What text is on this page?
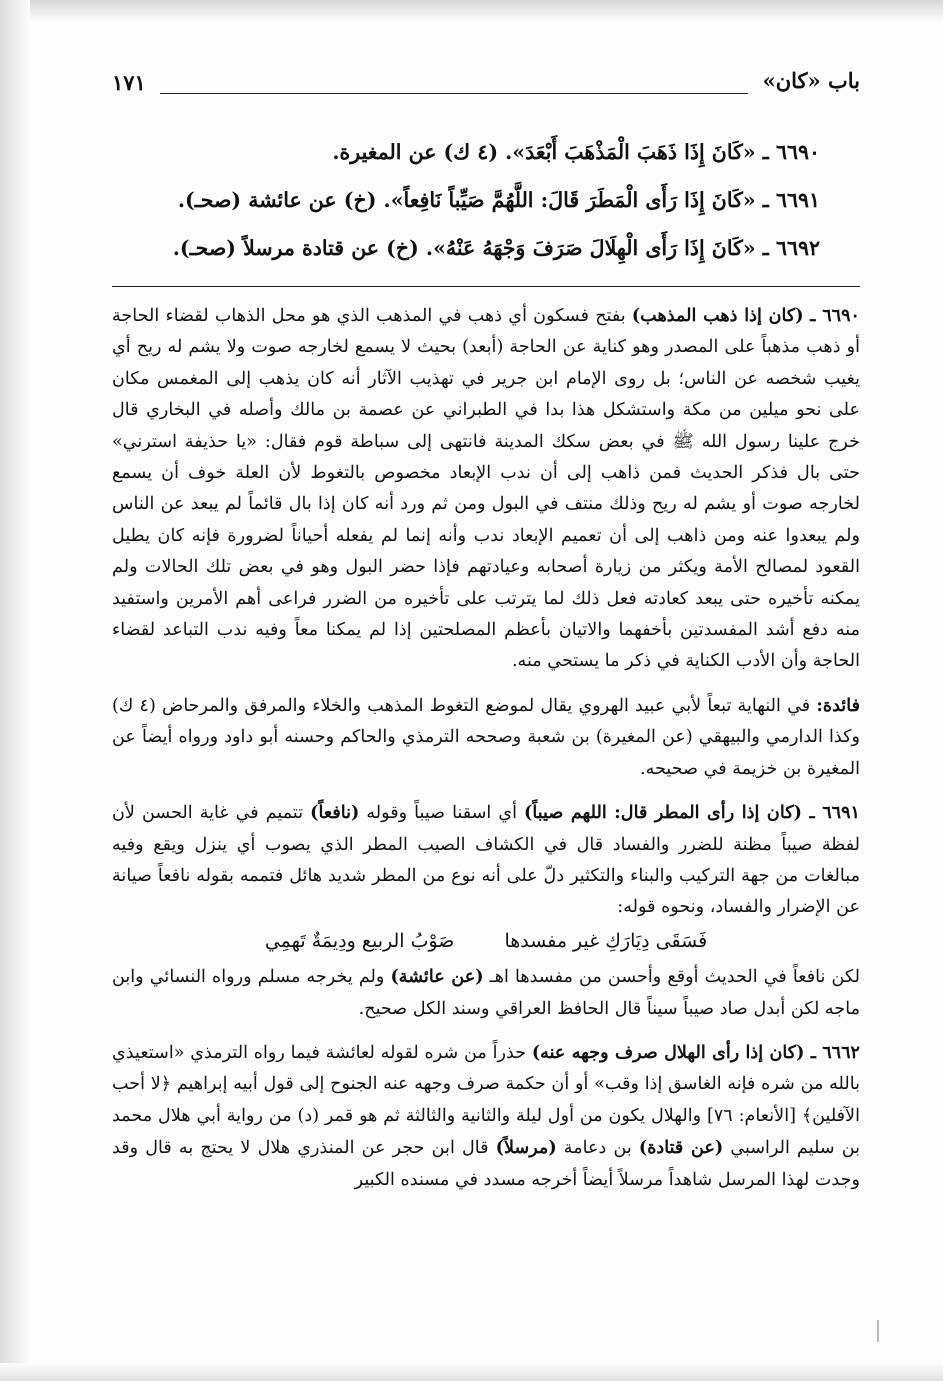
باب «كان»
١٧١
٦٦٩٠ ـ «كَانَ إِذَا ذَهَبَ الْمَذْهَبَ أَبْعَدَ». (٤ ك) عن المغيرة.
٦٦٩١ ـ «كَانَ إِذَا رَأَى الْمَطَرَ قَالَ: اللَّهُمَّ صَيِّباً نَافِعاً». (خ) عن عائشة (صحـ).
٦٦٩٢ ـ «كَانَ إِذَا رَأَى الْهِلَالَ صَرَفَ وَجْهَهُ عَنْهُ». (خ) عن قتادة مرسلاً (صحـ).

٦٦٩٠ ـ (كان إذا ذهب المذهب) بفتح فسكون أي ذهب في المذهب الذي هو محل الذهاب لقضاء الحاجة أو ذهب مذهباً على المصدر وهو كناية عن الحاجة (أبعد) بحيث لا يسمع لخارجه صوت ولا يشم له ريح أي يغيب شخصه عن الناس؛ بل روى الإمام ابن جرير في تهذيب الآثار أنه كان يذهب إلى المغمس مكان على نحو ميلين من مكة واستشكل هذا بدا في الطبراني عن عصمة بن مالك وأصله في البخاري قال خرج علينا رسول الله ﷺ في بعض سكك المدينة فانتهى إلى سباطة قوم فقال: «يا حذيفة استرني» حتى بال فذكر الحديث فمن ذاهب إلى أن ندب الإبعاد مخصوص بالتغوط لأن العلة خوف أن يسمع لخارجه صوت أو يشم له ريح وذلك منتف في البول ومن ثم ورد أنه كان إذا بال قائماً لم يبعد عن الناس ولم يبعدوا عنه ومن ذاهب إلى أن تعميم الإبعاد ندب وأنه إنما لم يفعله أحياناً لضرورة فإنه كان يطيل القعود لمصالح الأمة ويكثر من زيارة أصحابه وعيادتهم فإذا حضر البول وهو في بعض تلك الحالات ولم يمكنه تأخيره حتى يبعد كعادته فعل ذلك لما يترتب على تأخيره من الضرر فراعى أهم الأمرين واستفيد منه دفع أشد المفسدتين بأخفهما والاتيان بأعظم المصلحتين إذا لم يمكنا معاً وفيه ندب التباعد لقضاء الحاجة وأن الأدب الكناية في ذكر ما يستحي منه.

فائدة: في النهاية تبعاً لأبي عبيد الهروي يقال لموضع التغوط المذهب والخلاء والمرفق والمرحاض (٤ ك) وكذا الدارمي والبيهقي (عن المغيرة) بن شعبة وصححه الترمذي والحاكم وحسنه أبو داود ورواه أيضاً عن المغيرة بن خزيمة في صحيحه.

٦٦٩١ ـ (كان إذا رأى المطر قال: اللهم صيباً) أي اسقنا صيباً وقوله (نافعاً) تتميم في غاية الحسن لأن لفظة صيباً مظنة للضرر والفساد قال في الكشاف الصيب المطر الذي يصوب أي ينزل ويقع وفيه مبالغات من جهة التركيب والبناء والتكثير دلّ على أنه نوع من المطر شديد هائل فتممه بقوله نافعاً صيانة عن الإضرار والفساد، ونحوه قوله:

فَسَقَى دِيَارَكِ غير مفسدها صَوْبُ الربيع ودِيمَةٌ تَهمِي

لكن نافعاً في الحديث أوقع وأحسن من مفسدها اهـ (عن عائشة) ولم يخرجه مسلم ورواه النسائي وابن ماجه لكن أبدل صاد صيباً سيناً قال الحافظ العراقي وسند الكل صحيح.

٦٦٦٢ ـ (كان إذا رأى الهلال صرف وجهه عنه) حذراً من شره لقوله لعائشة فيما رواه الترمذي «استعيذي بالله من شره فإنه الغاسق إذا وقب» أو أن حكمة صرف وجهه عنه الجنوح إلى قول أبيه إبراهيم ﴿لا أحب الآفلين﴾ [الأنعام: ٧٦] والهلال يكون من أول ليلة والثانية والثالثة ثم هو قمر (د) من رواية أبي هلال محمد بن سليم الراسبي (عن قتادة) بن دعامة (مرسلاً) قال ابن حجر عن المنذري هلال لا يحتج به قال وقد وجدت لهذا المرسل شاهداً مرسلاً أيضاً أخرجه مسدد في مسنده الكبير
